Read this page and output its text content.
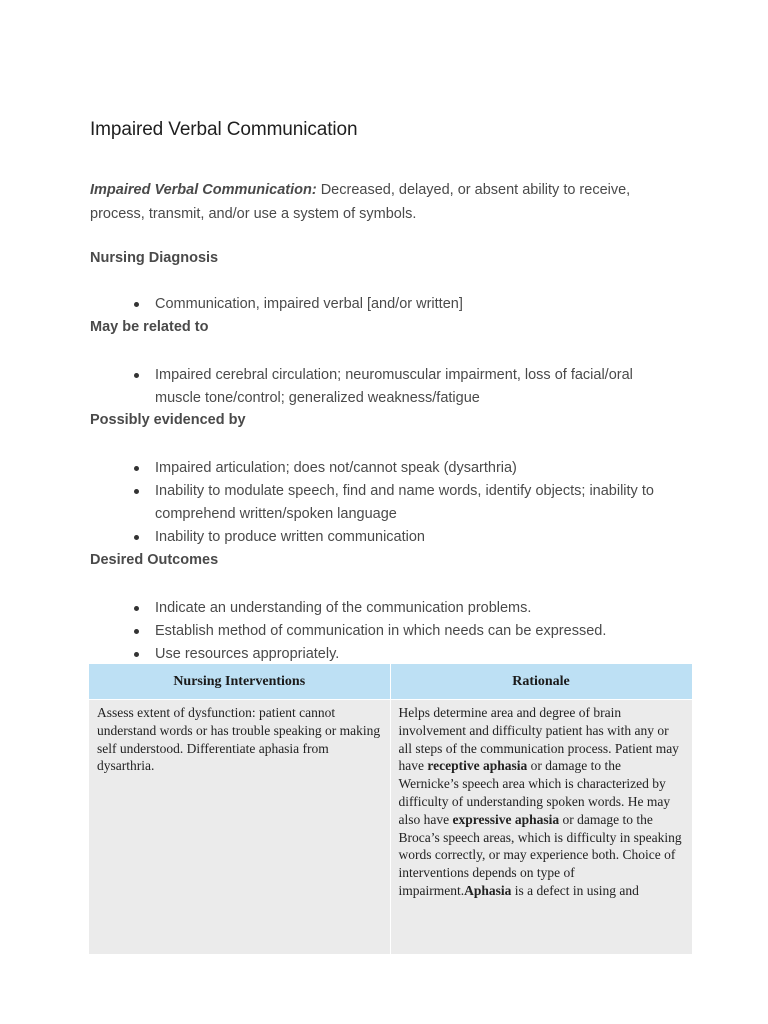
Impaired Verbal Communication

Impaired Verbal Communication: Decreased, delayed, or absent ability to receive, process, transmit, and/or use a system of symbols.

Nursing Diagnosis

Communication, impaired verbal [and/or written]

May be related to

Impaired cerebral circulation; neuromuscular impairment, loss of facial/oral muscle tone/control; generalized weakness/fatigue

Possibly evidenced by

Impaired articulation; does not/cannot speak (dysarthria)
Inability to modulate speech, find and name words, identify objects; inability to comprehend written/spoken language
Inability to produce written communication

Desired Outcomes

Indicate an understanding of the communication problems.
Establish method of communication in which needs can be expressed.
Use resources appropriately.
Nursing Interventions	Rationale
Assess extent of dysfunction: patient cannot understand words or has trouble speaking or making self understood. Differentiate aphasia from dysarthria.	Helps determine area and degree of brain involvement and difficulty patient has with any or all steps of the communication process. Patient may have receptive aphasia or damage to the Wernicke’s speech area which is characterized by difficulty of understanding spoken words. He may also have expressive aphasia or damage to the Broca’s speech areas, which is difficulty in speaking words correctly, or may experience both. Choice of interventions depends on type of impairment.Aphasia is a defect in using and
